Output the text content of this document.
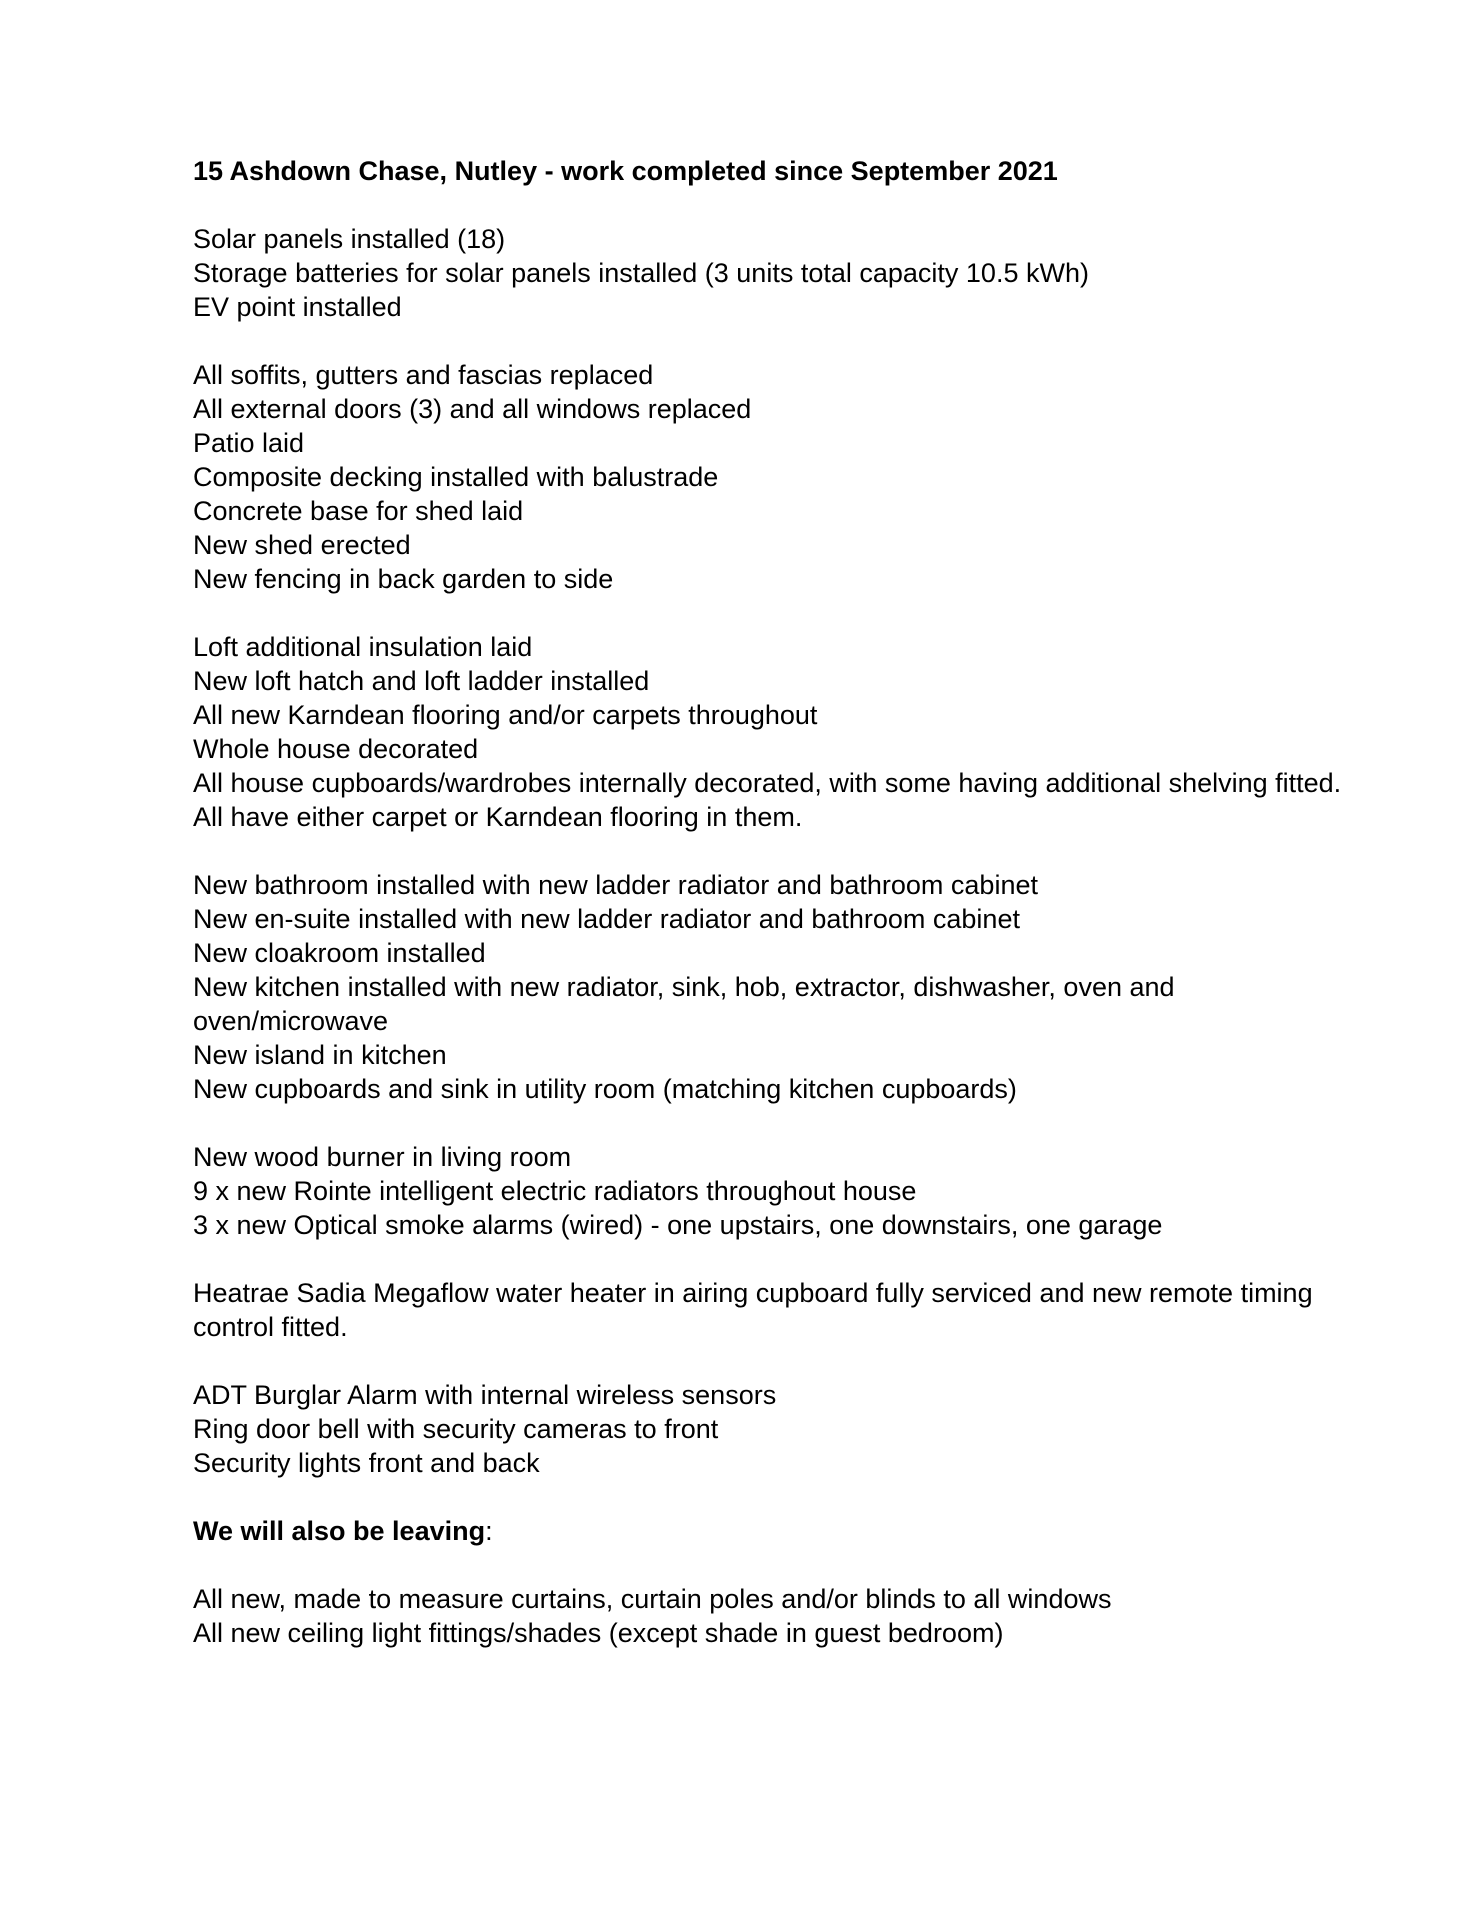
15 Ashdown Chase, Nutley - work completed since September 2021
Solar panels installed (18)
Storage batteries for solar panels installed (3 units total capacity 10.5 kWh)
EV point installed
All soffits, gutters and fascias replaced
All external doors (3) and all windows replaced
Patio laid
Composite decking installed with balustrade
Concrete base for shed laid
New shed erected
New fencing in back garden to side
Loft additional insulation laid
New loft hatch and loft ladder installed
All new Karndean flooring and/or carpets throughout
Whole house decorated
All house cupboards/wardrobes internally decorated, with some having additional shelving fitted. All have either carpet or Karndean flooring in them.
New bathroom installed with new ladder radiator and bathroom cabinet
New en-suite installed with new ladder radiator and bathroom cabinet
New cloakroom installed
New kitchen installed with new radiator, sink, hob, extractor, dishwasher, oven and oven/microwave
New island in kitchen
New cupboards and sink in utility room (matching kitchen cupboards)
New wood burner in living room
9 x new Rointe intelligent electric radiators throughout house
3 x new Optical smoke alarms (wired) - one upstairs, one downstairs, one garage
Heatrae Sadia Megaflow water heater in airing cupboard fully serviced and new remote timing control fitted.
ADT Burglar Alarm with internal wireless sensors
Ring door bell with security cameras to front
Security lights front and back
We will also be leaving:
All new, made to measure curtains, curtain poles and/or blinds to all windows
All new ceiling light fittings/shades (except shade in guest bedroom)
